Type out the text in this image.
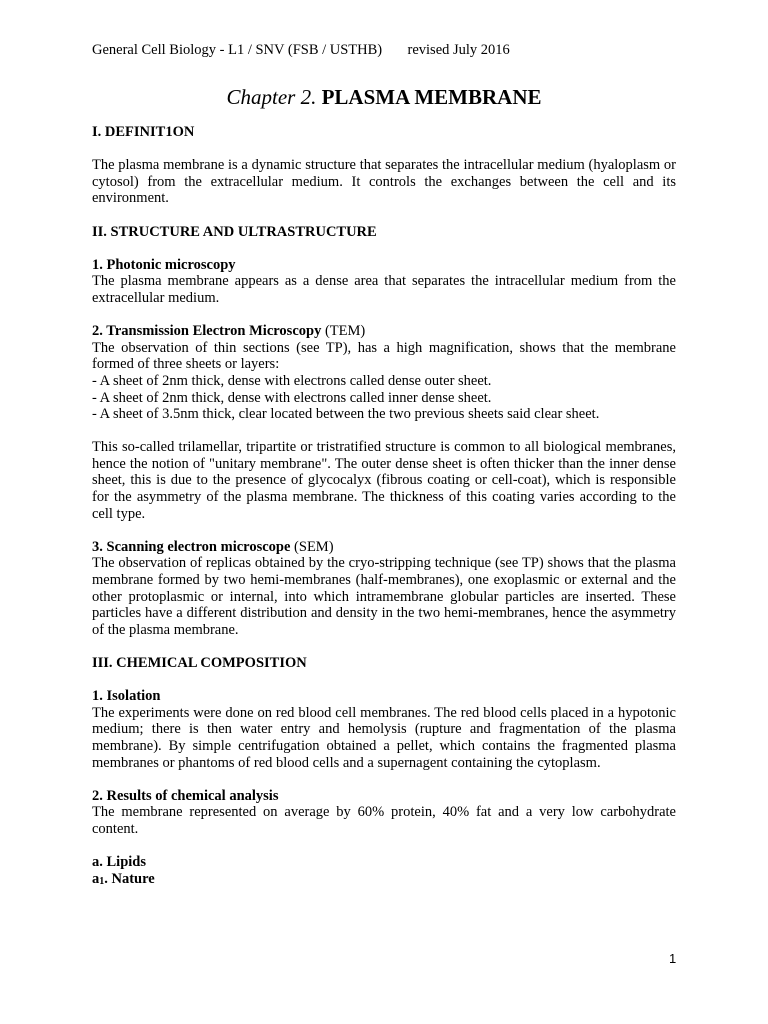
General Cell Biology - L1 / SNV (FSB / USTHB)       revised July 2016
Chapter 2. PLASMA MEMBRANE
I. DEFINIT1ON

The plasma membrane is a dynamic structure that separates the intracellular medium (hyaloplasm or cytosol) from the extracellular medium. It controls the exchanges between the cell and its environment.

II. STRUCTURE AND ULTRASTRUCTURE
1. Photonic microscopy

The plasma membrane appears as a dense area that separates the intracellular medium from the extracellular medium.

2. Transmission Electron Microscopy (TEM)

The observation of thin sections (see TP), has a high magnification, shows that the membrane formed of three sheets or layers:

- A sheet of 2nm thick, dense with electrons called dense outer sheet.
- A sheet of 2nm thick, dense with electrons called inner dense sheet.
- A sheet of 3.5nm thick, clear located between the two previous sheets said clear sheet.

This so-called trilamellar, tripartite or tristratified structure is common to all biological membranes, hence the notion of "unitary membrane". The outer dense sheet is often thicker than the inner dense sheet, this is due to the presence of glycocalyx (fibrous coating or cell-coat), which is responsible for the asymmetry of the plasma membrane. The thickness of this coating varies according to the cell type.

3. Scanning electron microscope (SEM)

The observation of replicas obtained by the cryo-stripping technique (see TP) shows that the plasma membrane formed by two hemi-membranes (half-membranes), one exoplasmic or external and the other protoplasmic or internal, into which intramembrane globular particles are inserted. These particles have a different distribution and density in the two hemi-membranes, hence the asymmetry of the plasma membrane.

III. CHEMICAL COMPOSITION
1. Isolation

The experiments were done on red blood cell membranes. The red blood cells placed in a hypotonic medium; there is then water entry and hemolysis (rupture and fragmentation of the plasma membrane). By simple centrifugation obtained a pellet, which contains the fragmented plasma membranes or phantoms of red blood cells and a supernagent containing the cytoplasm.

2. Results of chemical analysis

The membrane represented on average by 60% protein, 40% fat and a very low carbohydrate content.

a. Lipids
a1. Nature
1
